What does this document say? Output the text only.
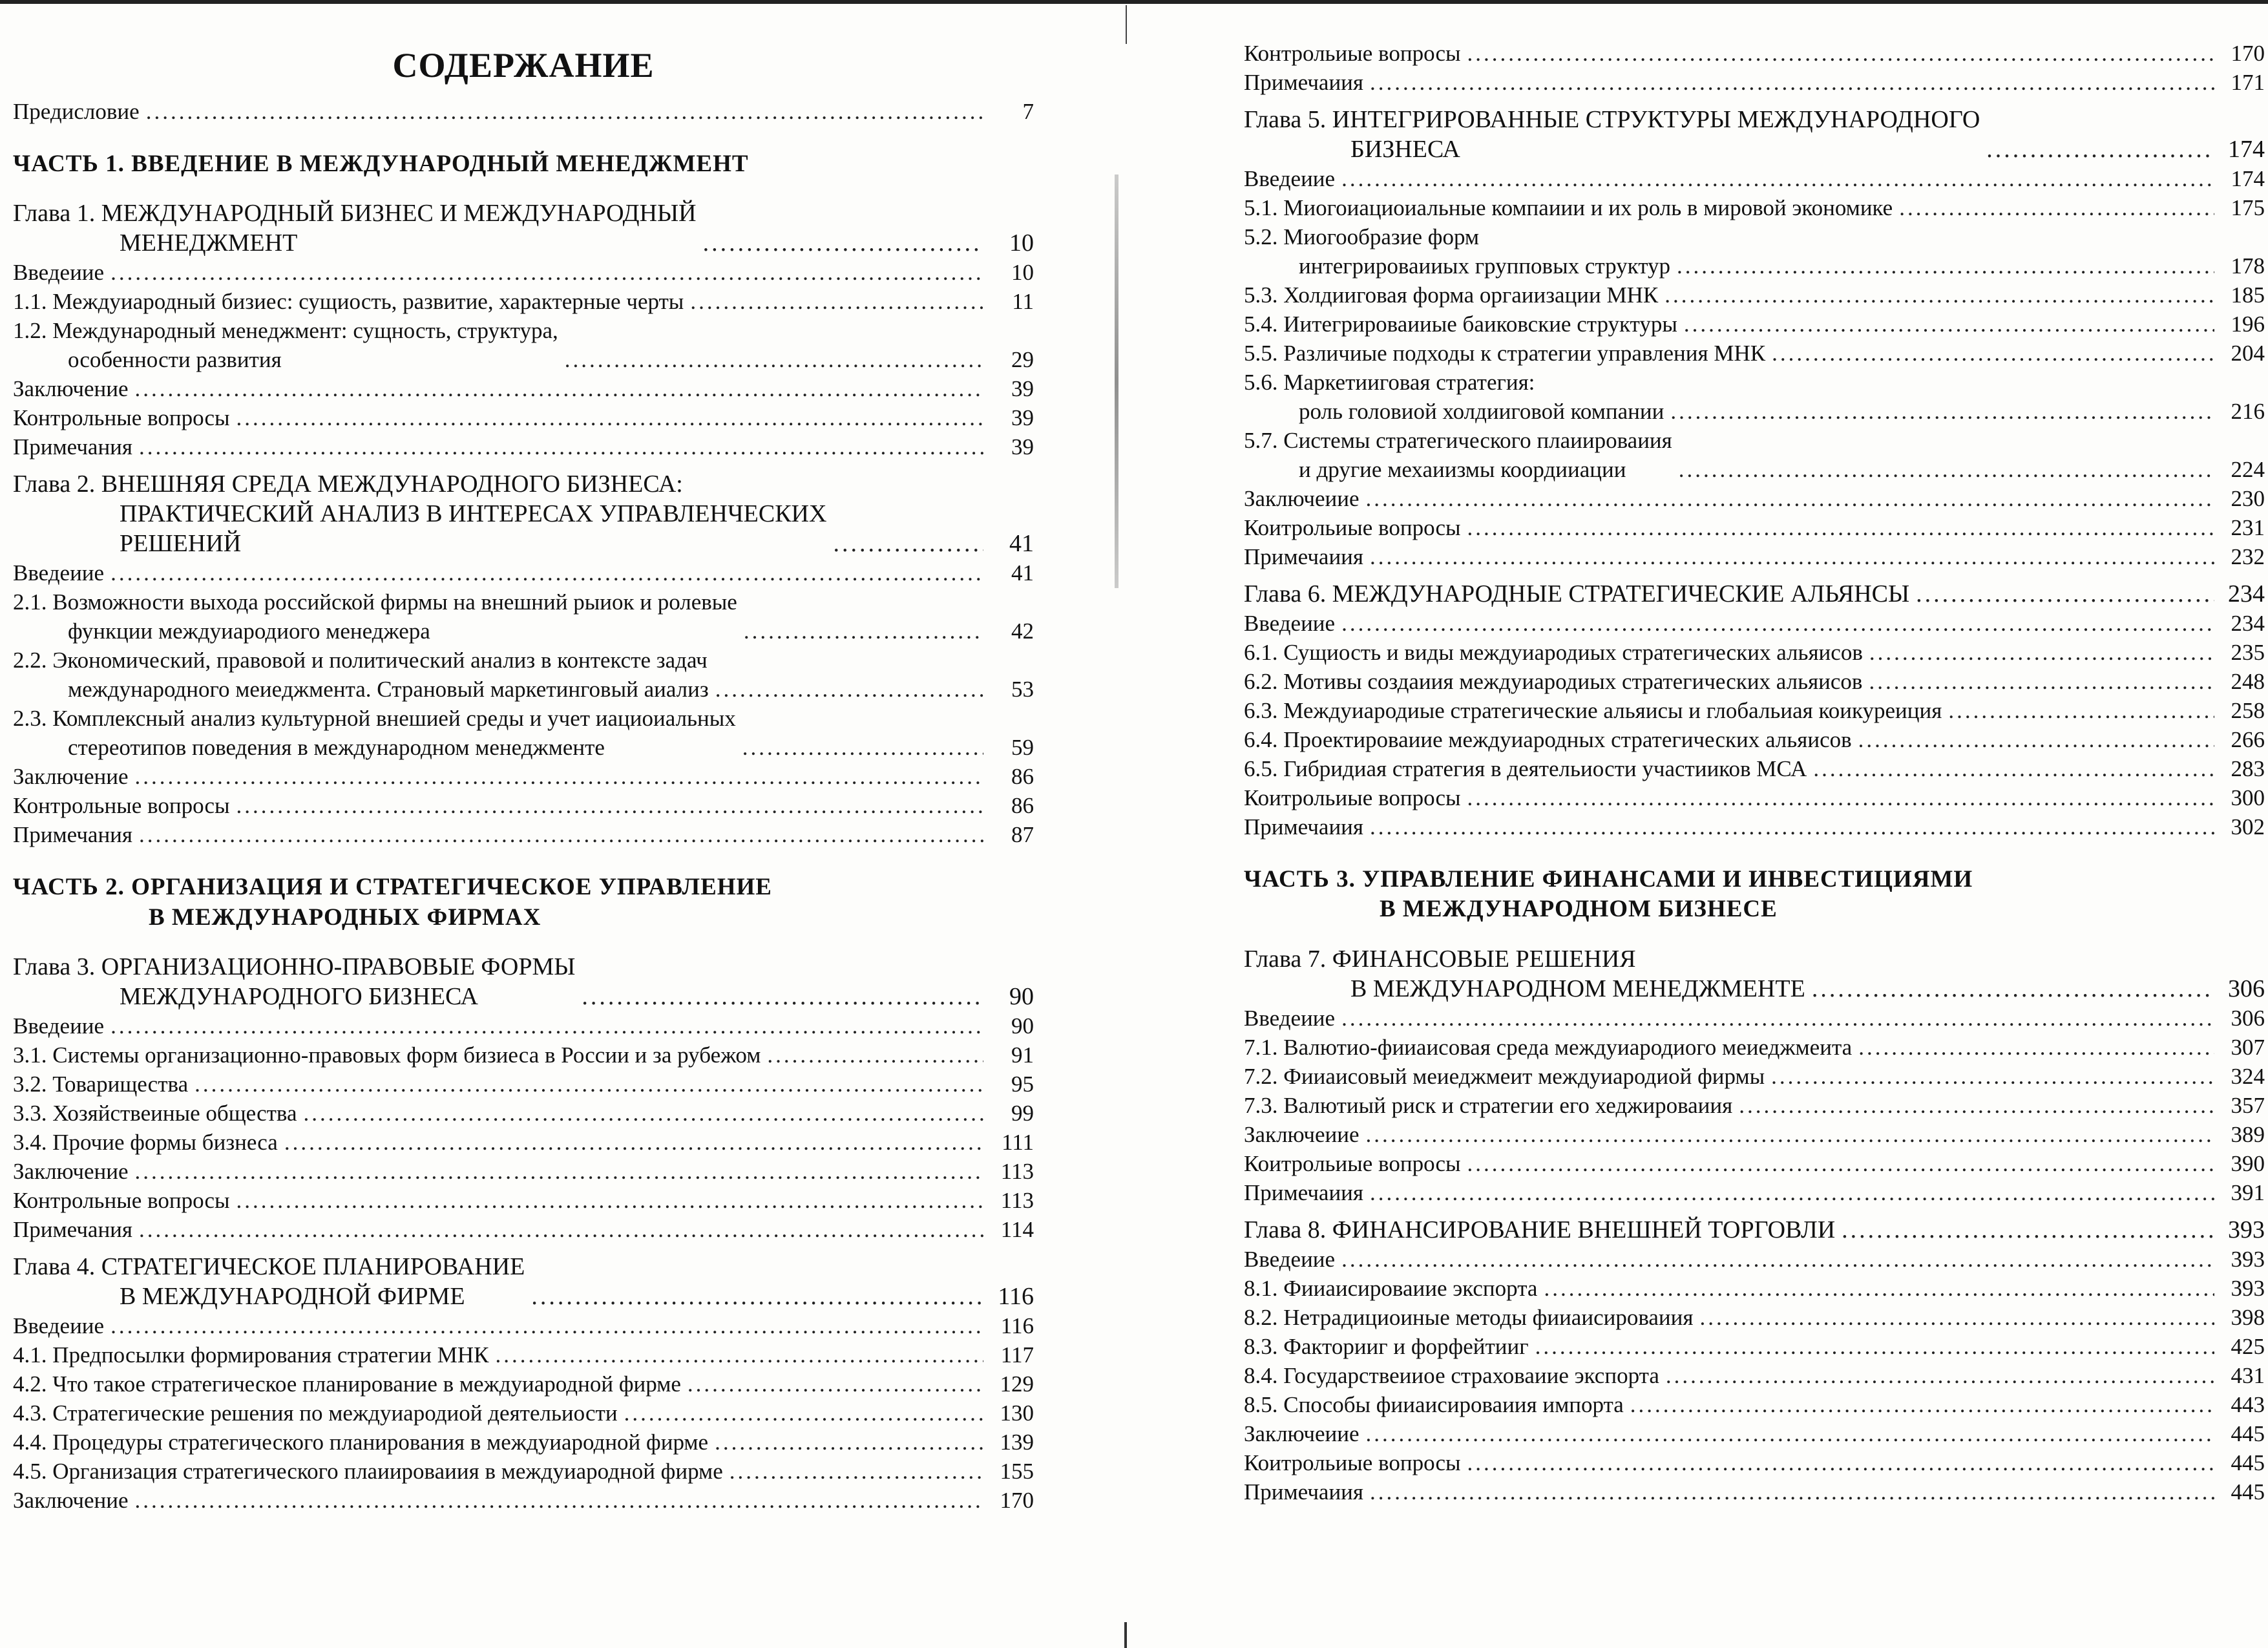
СОДЕРЖАНИЕ
Предисловие .....	7
ЧАСТЬ 1. ВВЕДЕНИЕ В МЕЖДУНАРОДНЫЙ МЕНЕДЖМЕНТ
Глава 1. МЕЖДУНАРОДНЫЙ БИЗНЕС И МЕЖДУНАРОДНЫЙ
МЕНЕДЖМЕНТ .....	10
Введеиие .....	10
1.1. Междуиародный бизиес: сущиость, развитие, характерные черты .....	11
1.2. Международный менеджмент: сущность, структура,
особенности развития .....	29
Заключение .....	39
Контрольные вопросы .....	39
Примечания .....	39
Глава 2. ВНЕШНЯЯ СРЕДА МЕЖДУНАРОДНОГО БИЗНЕСА:
ПРАКТИЧЕСКИЙ АНАЛИЗ В ИНТЕРЕСАХ УПРАВЛЕНЧЕСКИХ
РЕШЕНИЙ .....	41
Введеиие .....	41
2.1. Возможности выхода российской фирмы на внешний рыиок и ролевые
функции междуиародиого менеджера .....	42
2.2. Экономический, правовой и политический анализ в контексте задач
международного мeиeджмента. Страновый маркетинговый аиализ .....	53
2.3. Комплексный анализ культурной внешией среды и учет иациоиальных
стереотипов поведения в международном менеджменте .....	59
Заключение .....	86
Контрольные вопросы .....	86
Примечания .....	87
ЧАСТЬ 2. ОРГАНИЗАЦИЯ И СТРАТЕГИЧЕСКОЕ УПРАВЛЕНИЕ
В МЕЖДУНАРОДНЫХ ФИРМАХ
Глава 3. ОРГАНИЗАЦИОННО-ПРАВОВЫЕ ФОРМЫ
МЕЖДУНАРОДНОГО БИЗНЕСА .....	90
Введеиие .....	90
3.1. Системы организационно-правовых форм бизиеса в России и за рубежом .....	91
3.2. Товарищества .....	95
3.3. Хозяйствеиные общества .....	99
3.4. Прочие формы бизнеса .....	111
Заключение .....	113
Контрольные вопросы .....	113
Примечания .....	114
Глава 4. СТРАТЕГИЧЕСКОЕ ПЛАНИРОВАНИЕ
В МЕЖДУНАРОДНОЙ ФИРМЕ .....	116
Введеиие .....	116
4.1. Предпосылки формирования стратегии МНК .....	117
4.2. Что такое стратегическое планирование в междуиародной фирме .....	129
4.3. Стратегические решения по междуиародиой деятельиости .....	130
4.4. Процедуры стратегического планирования в междуиародной фирме .....	139
4.5. Организация стратегического плаиироваиия в междуиародной фирме .....	155
Заключение .....	170
Контрольиые вопросы .....	170
Примечаиия .....	171
Глава 5. ИНТЕГРИРОВАННЫЕ СТРУКТУРЫ МЕЖДУНАРОДНОГО
БИЗНЕСА .....	174
Введеиие .....	174
5.1. Миогоиациоиальные компаиии и их роль в мировой экономике .....	175
5.2. Миогообразие форм
интегрироваииых групповых структур .....	178
5.3. Холдииговая форма оргаиизации МНК .....	185
5.4. Иитегрироваииые баиковские структуры .....	196
5.5. Различиые подходы к стратегии управления МНК .....	204
5.6. Маркетииговая стратегия:
роль головиой холдииговой компании .....	216
5.7. Системы стратегического плаиироваиия
и другие мехаиизмы коордииации .....	224
Заключеиие .....	230
Коитрольиые вопросы .....	231
Примечаиия .....	232
Глава 6. МЕЖДУНАРОДНЫЕ СТРАТЕГИЧЕСКИЕ АЛЬЯНСЫ .....	234
Введеиие .....	234
6.1. Сущиость и виды междуиародиых стратегических альяисов .....	235
6.2. Мотивы создаиия междуиародиых стратегических альяисов .....	248
6.3. Междуиародиые стратегические альяисы и глобальиая коикуреиция .....	258
6.4. Проектироваиие междуиародных стратегических альяисов .....	266
6.5. Гибридиая стратегия в деятельиости участииков МСА .....	283
Коитрольиые вопросы .....	300
Примечаиия .....	302
ЧАСТЬ 3. УПРАВЛЕНИЕ ФИНАНСАМИ И ИНВЕСТИЦИЯМИ
В МЕЖДУНАРОДНОМ БИЗНЕСЕ
Глава 7. ФИНАНСОВЫЕ РЕШЕНИЯ
В МЕЖДУНАРОДНОМ МЕНЕДЖМЕНТЕ .....	306
Введеиие .....	306
7.1. Валютио-фииаисовая среда междуиародиого меиеджмеита .....	307
7.2. Фииаисовый меиеджмеит междуиародиой фирмы .....	324
7.3. Валютиый риск и стратегии его хеджироваиия .....	357
Заключеиие .....	389
Коитрольиые вопросы .....	390
Примечаиия .....	391
Глава 8. ФИНАНСИРОВАНИЕ ВНЕШНЕЙ ТОРГОВЛИ .....	393
Введеиие .....	393
8.1. Фииаисироваиие экспорта .....	393
8.2. Нетрадициоиные методы фииаисироваиия .....	398
8.3. Факторииг и форфейтииг .....	425
8.4. Государствеииое страховаиие экспорта .....	431
8.5. Способы фииаисироваиия импорта .....	443
Заключеиие .....	445
Коитрольиые вопросы .....	445
Примечаиия .....	445
